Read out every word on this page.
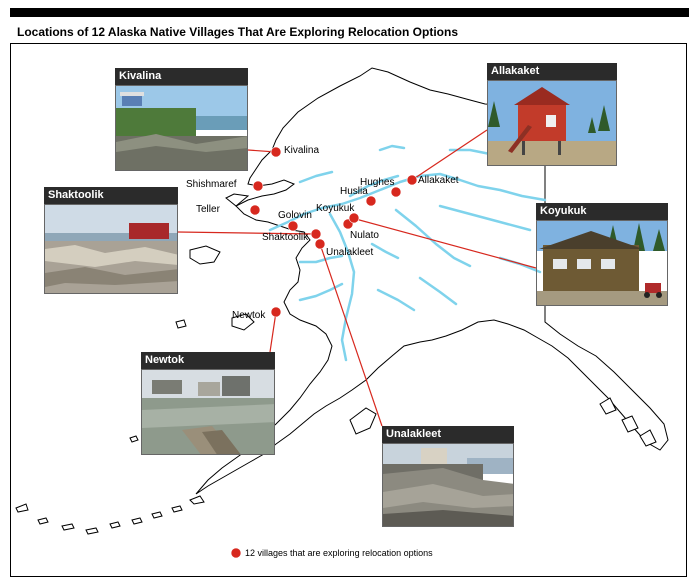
Locations of 12 Alaska Native Villages That Are Exploring Relocation Options
Kivalina
Shishmaref
Teller
Golovin
Shaktoolik
Koyukuk
Nulato
Unalakleet
Huslia
Hughes Allakaket
Newtok
Kivalina	Allakaket
Shaktoolik
Koyukuk
Newtok
Unalakleet
12 villages that are exploring relocation options
